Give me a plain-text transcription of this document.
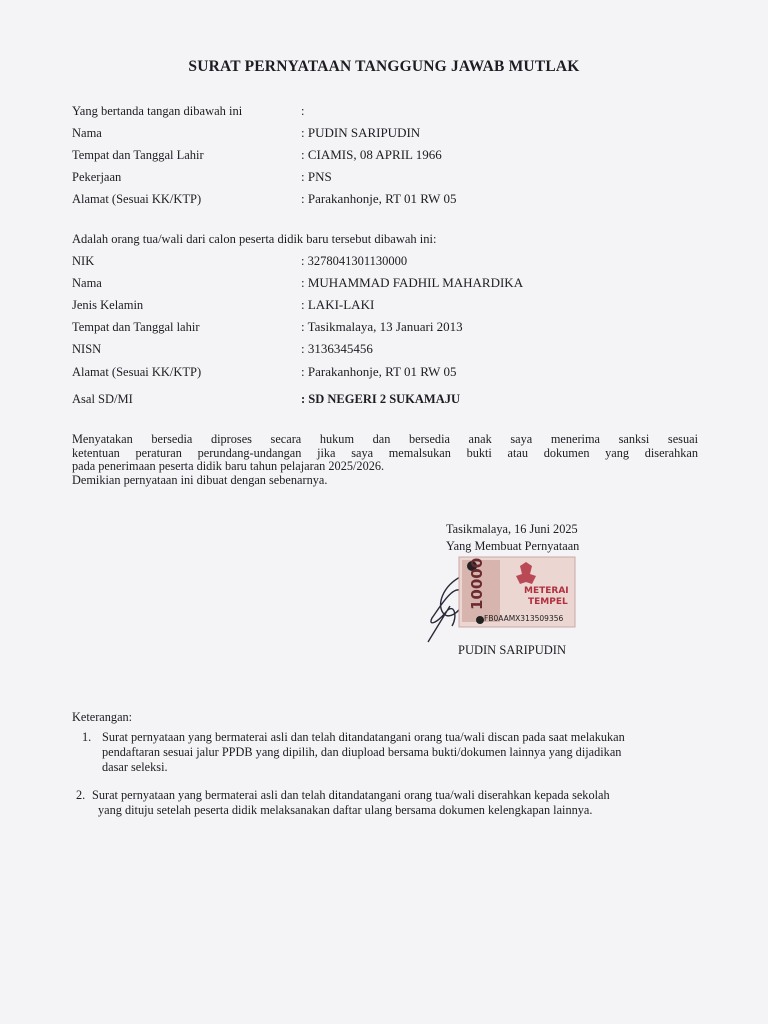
SURAT PERNYATAAN TANGGUNG JAWAB MUTLAK
Yang bertanda tangan dibawah ini	:
Nama	: PUDIN SARIPUDIN
Tempat dan Tanggal Lahir	: CIAMIS, 08 APRIL 1966
Pekerjaan	: PNS
Alamat (Sesuai KK/KTP)	: Parakanhonje, RT 01 RW 05
Adalah orang tua/wali dari calon peserta didik baru tersebut dibawah ini:
NIK	: 3278041301130000
Nama	: MUHAMMAD FADHIL MAHARDIKA
Jenis Kelamin	: LAKI-LAKI
Tempat dan Tanggal lahir	: Tasikmalaya, 13 Januari 2013
NISN	: 3136345456
Alamat (Sesuai KK/KTP)	: Parakanhonje, RT 01 RW 05
Asal SD/MI	: SD NEGERI 2 SUKAMAJU
Menyatakan bersedia diproses secara hukum dan bersedia anak saya menerima sanksi sesuai
ketentuan peraturan perundang-undangan jika saya memalsukan bukti atau dokumen yang diserahkan
pada penerimaan peserta didik baru tahun pelajaran 2025/2026.
Demikian pernyataan ini dibuat dengan sebenarnya.
Tasikmalaya, 16 Juni 2025
Yang Membuat Pernyataan
10000	METERAI
TEMPEL
FB0AAMX313509356
PUDIN SARIPUDIN
Keterangan:
1. Surat pernyataan yang bermaterai asli dan telah ditandatangani orang tua/wali discan pada saat melakukan
pendaftaran sesuai jalur PPDB yang dipilih, dan diupload bersama bukti/dokumen lainnya yang dijadikan
dasar seleksi.
2. Surat pernyataan yang bermaterai asli dan telah ditandatangani orang tua/wali diserahkan kepada sekolah
yang dituju setelah peserta didik melaksanakan daftar ulang bersama dokumen kelengkapan lainnya.
